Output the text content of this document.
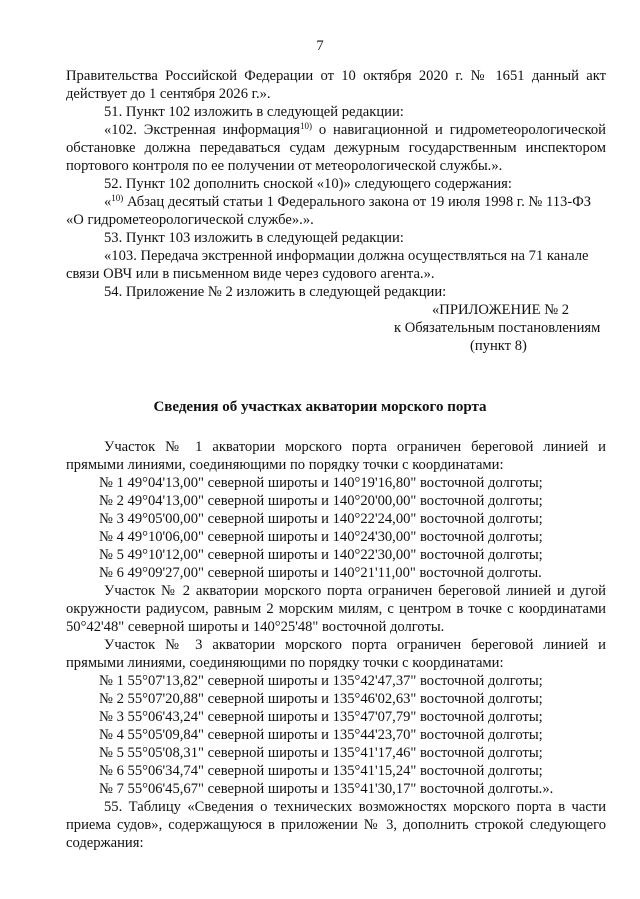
7
Правительства Российской Федерации от 10 октября 2020 г. № 1651 данный акт
действует до 1 сентября 2026 г.».
51. Пункт 102 изложить в следующей редакции:
«102. Экстренная информация$^{10)}$ о навигационной и гидрометеорологической
обстановке должна передаваться судам дежурным государственным инспектором
портового контроля по ее получении от метеорологической службы.».
52. Пункт 102 дополнить сноской «10)» следующего содержания:
«$^{10)}$ Абзац десятый статьи 1 Федерального закона от 19 июля 1998 г. № 113-ФЗ
«О гидрометеорологической службе».».
53. Пункт 103 изложить в следующей редакции:
«103. Передача экстренной информации должна осуществляться на 71 канале
связи ОВЧ или в письменном виде через судового агента.».
54. Приложение № 2 изложить в следующей редакции:
«ПРИЛОЖЕНИЕ № 2
к Обязательным постановлениям
(пункт 8)
Сведения об участках акватории морского порта
Участок № 1 акватории морского порта ограничен береговой линией и
прямыми линиями, соединяющими по порядку точки с координатами:
№ 1 49°04'13,00" северной широты и 140°19'16,80" восточной долготы;
№ 2 49°04'13,00" северной широты и 140°20'00,00" восточной долготы;
№ 3 49°05'00,00" северной широты и 140°22'24,00" восточной долготы;
№ 4 49°10'06,00" северной широты и 140°24'30,00" восточной долготы;
№ 5 49°10'12,00" северной широты и 140°22'30,00" восточной долготы;
№ 6 49°09'27,00" северной широты и 140°21'11,00" восточной долготы.
Участок № 2 акватории морского порта ограничен береговой линией и дугой
окружности радиусом, равным 2 морским милям, с центром в точке с координатами
50°42'48" северной широты и 140°25'48" восточной долготы.
Участок № 3 акватории морского порта ограничен береговой линией и
прямыми линиями, соединяющими по порядку точки с координатами:
№ 1 55°07'13,82" северной широты и 135°42'47,37" восточной долготы;
№ 2 55°07'20,88" северной широты и 135°46'02,63" восточной долготы;
№ 3 55°06'43,24" северной широты и 135°47'07,79" восточной долготы;
№ 4 55°05'09,84" северной широты и 135°44'23,70" восточной долготы;
№ 5 55°05'08,31" северной широты и 135°41'17,46" восточной долготы;
№ 6 55°06'34,74" северной широты и 135°41'15,24" восточной долготы;
№ 7 55°06'45,67" северной широты и 135°41'30,17" восточной долготы.».
55. Таблицу «Сведения о технических возможностях морского порта в части
приема судов», содержащуюся в приложении № 3, дополнить строкой следующего
содержания:
